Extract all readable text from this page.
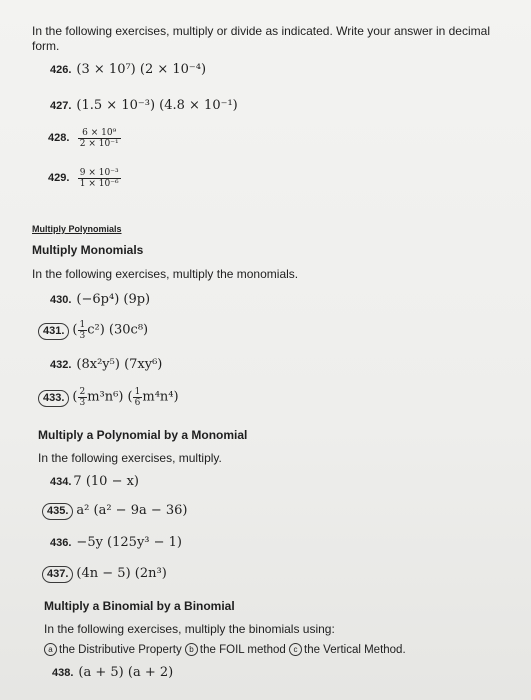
In the following exercises, multiply or divide as indicated. Write your answer in decimal form.
426. (3 × 10⁷) (2 × 10⁻⁴)
427. (1.5 × 10⁻³) (4.8 × 10⁻¹)
428. $\frac{\text{6 × 10⁹}}{\text{2 × 10⁻¹}}$
429. $\frac{\text{9 × 10⁻³}}{\text{1 × 10⁻⁶}}$
Multiply Polynomials
Multiply Monomials
In the following exercises, multiply the monomials.
430. (−6p⁴) (9p)
431. ( $\frac{1}{3} c^2$) (30c⁸)
432. (8x²y⁵) (7xy⁶)
433. ( $\frac{2}{3} m^3n^6$) ( $\frac{1}{6} m^4n^4$)
Multiply a Polynomial by a Monomial
In the following exercises, multiply.
434. 7 (10 − x)
435. a² (a² − 9a − 36)
436. −5y (125y³ − 1)
437. (4n − 5) (2n³)
Multiply a Binomial by a Binomial
In the following exercises, multiply the binomials using:
a the Distributive Property b the FOIL method c the Vertical Method.
438. (a + 5) (a + 2)
